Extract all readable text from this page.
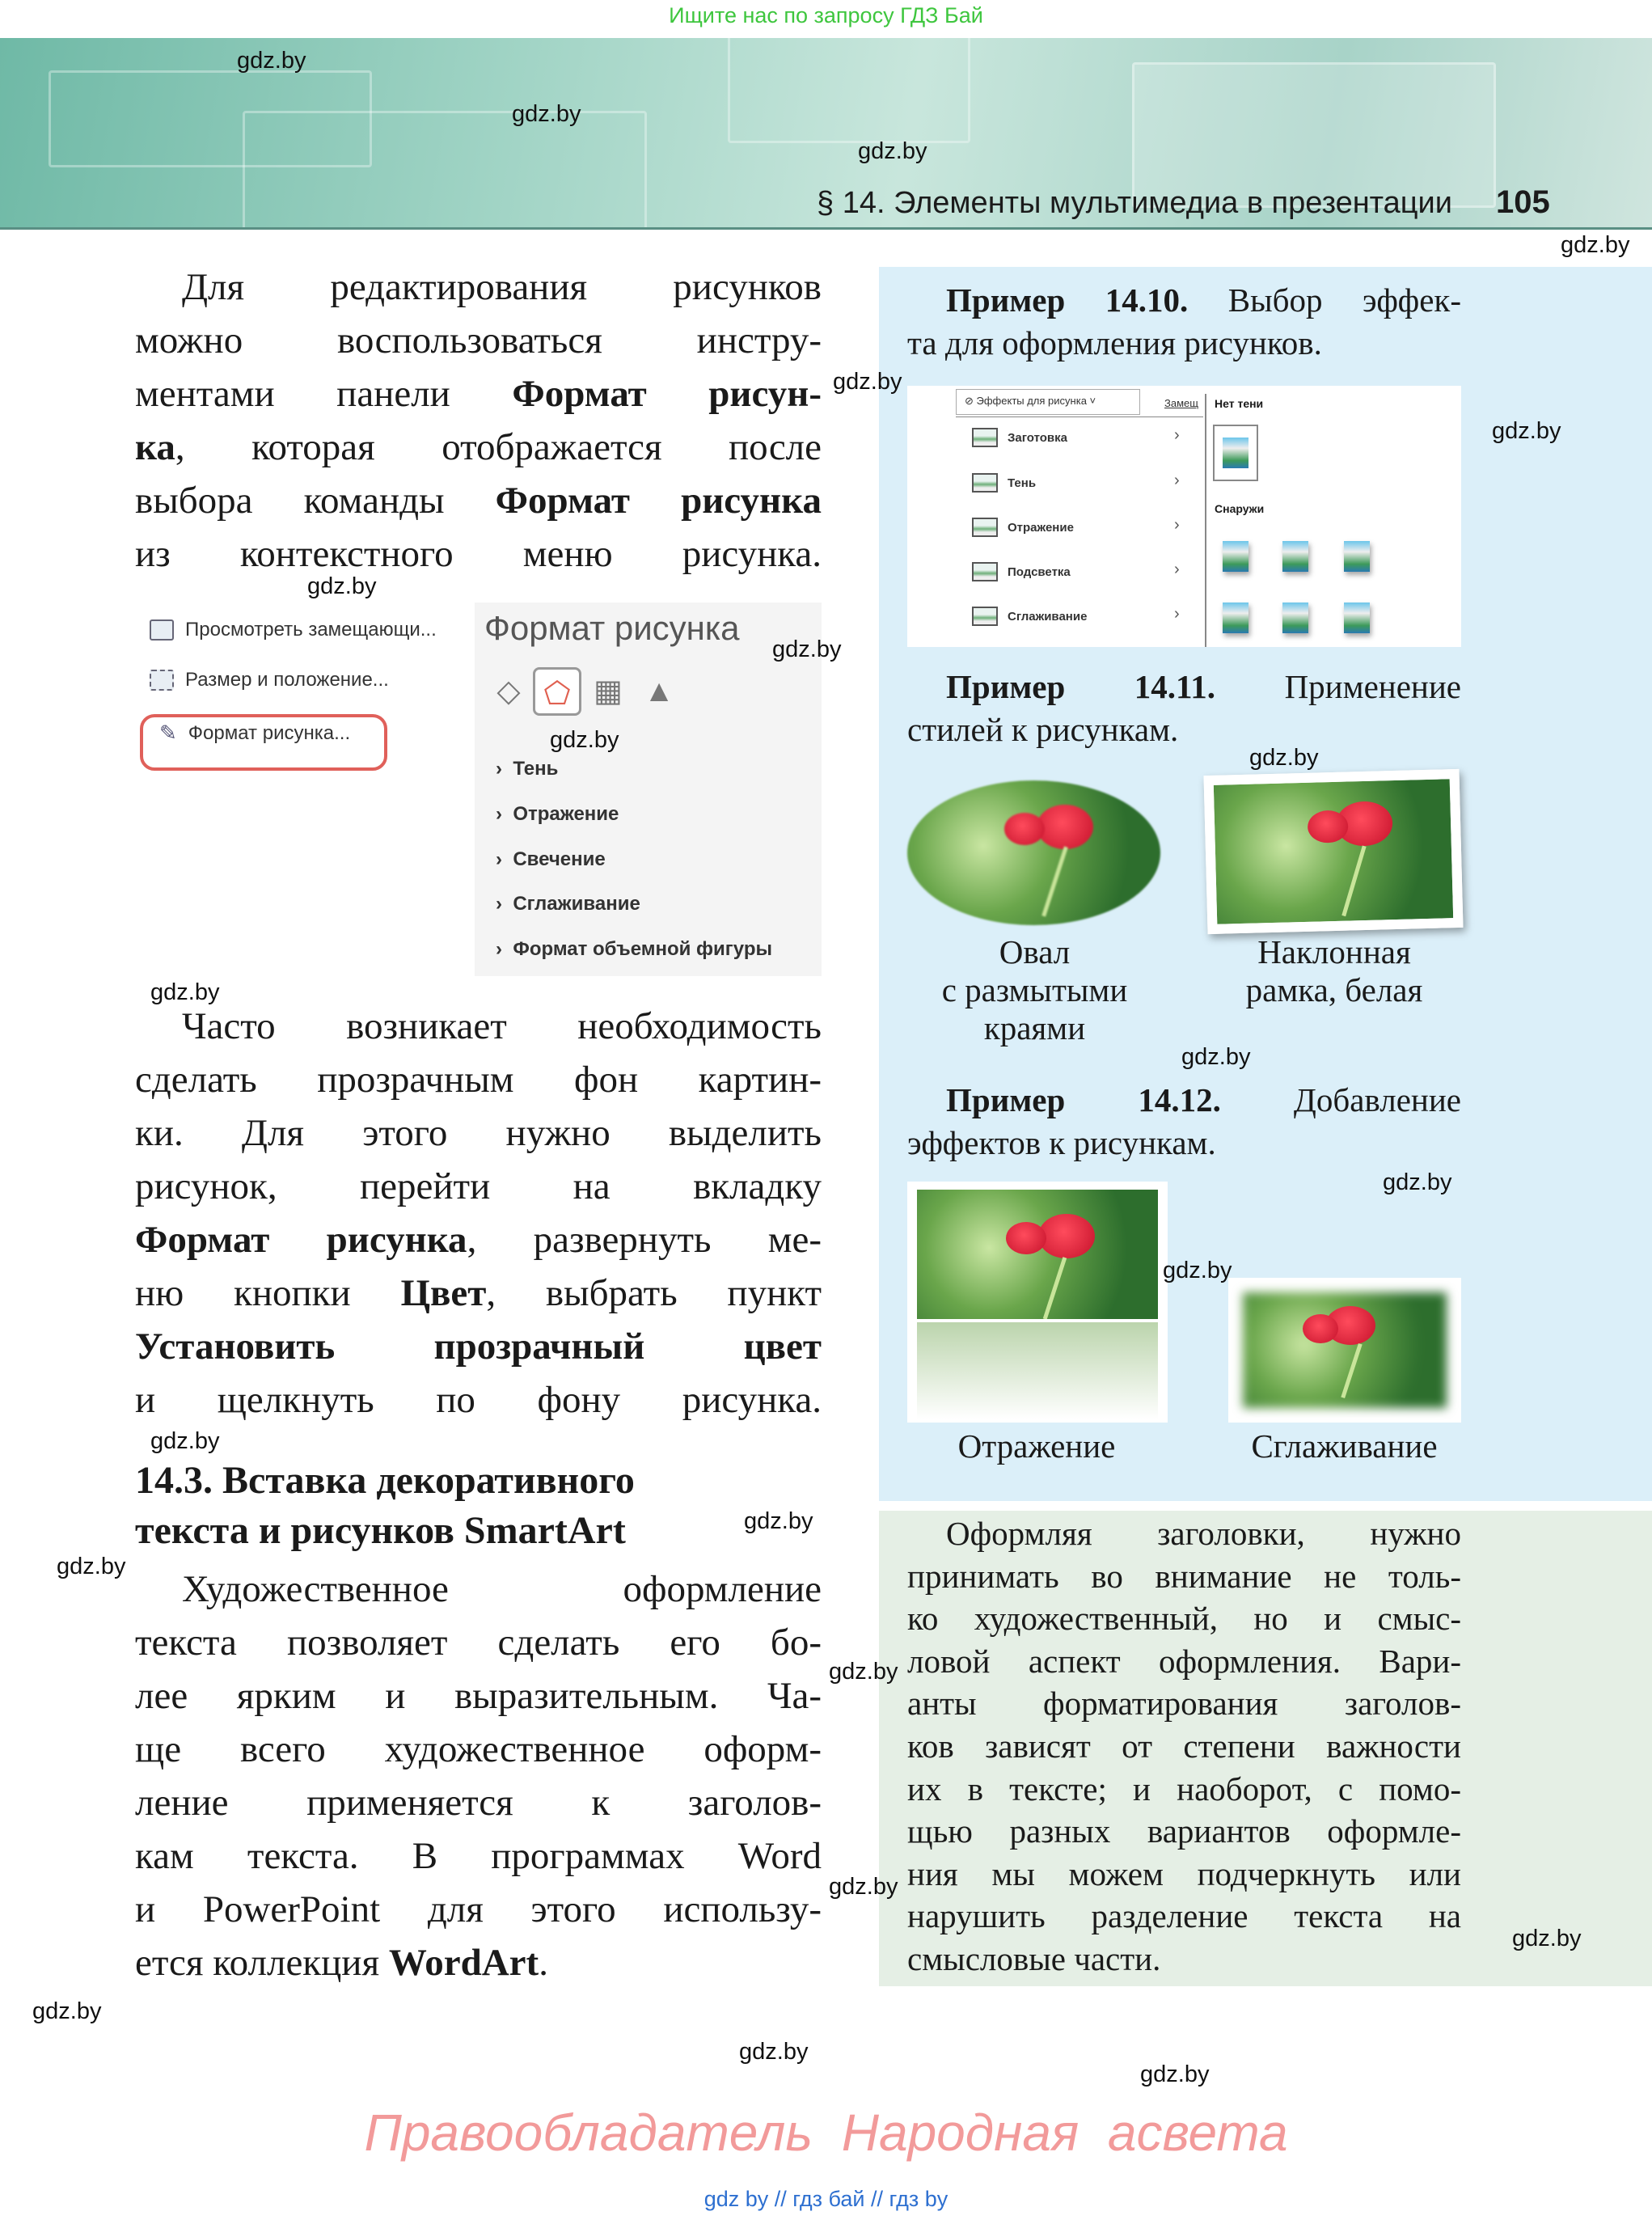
Ищите нас по запросу ГДЗ Бай
§ 14. Элементы мультимедиа в презентации 105
Для редактирования рисунков
можно воспользоваться инстру-
ментами панели Формат рисун-
ка, которая отображается после
выбора команды Формат рисунка
из контекстного меню рисунка.
Просмотреть замещающи...
Размер и положение...
✎ Формат рисунка...
Формат рисунка
◇ ⬠ ▦ ▲
›  Тень
›  Отражение
›  Свечение
›  Сглаживание
›  Формат объемной фигуры
Часто возникает необходимость
сделать прозрачным фон картин-
ки. Для этого нужно выделить
рисунок, перейти на вкладку
Формат рисунка, развернуть ме-
ню кнопки Цвет, выбрать пункт
Установить прозрачный цвет
и щелкнуть по фону рисунка.
14.3. Вставка декоративного
текста и рисунков SmartArt
Художественное оформление
текста позволяет сделать его бо-
лее ярким и выразительным. Ча-
ще всего художественное оформ-
ление применяется к заголов-
кам текста. В программах Word
и PowerPoint для этого использу-
ется коллекция WordArt.
Пример 14.10. Выбор эффек-
та для оформления рисунков.
⊘ Эффекты для рисунка ˅	Замещ
Заготовка
Тень
Отражение
Подсветка
Сглаживание
›
›
›
›
›
Нет тени
Снаружи
Пример 14.11. Применение
стилей к рисункам.
Овал
с размытыми
краями
Наклонная
рамка, белая
Пример 14.12. Добавление
эффектов к рисункам.
Отражение	Сглаживание
Оформляя заголовки, нужно
принимать во внимание не толь-
ко художественный, но и смыс-
ловой аспект оформления. Вари-
анты форматирования заголов-
ков зависят от степени важности
их в тексте; и наоборот, с помо-
щью разных вариантов оформле-
ния мы можем подчеркнуть или
нарушить разделение текста на
смысловые части.
gdz.by
gdz.by
gdz.by
gdz.by
gdz.by
gdz.by
gdz.by
gdz.by
gdz.by
gdz.by
gdz.by
gdz.by
gdz.by
gdz.by
gdz.by
gdz.by
gdz.by
gdz.by
gdz.by
gdz.by
gdz.by
gdz.by
gdz.by
Правообладатель Народная асвета
gdz by // гдз бай // гдз by
